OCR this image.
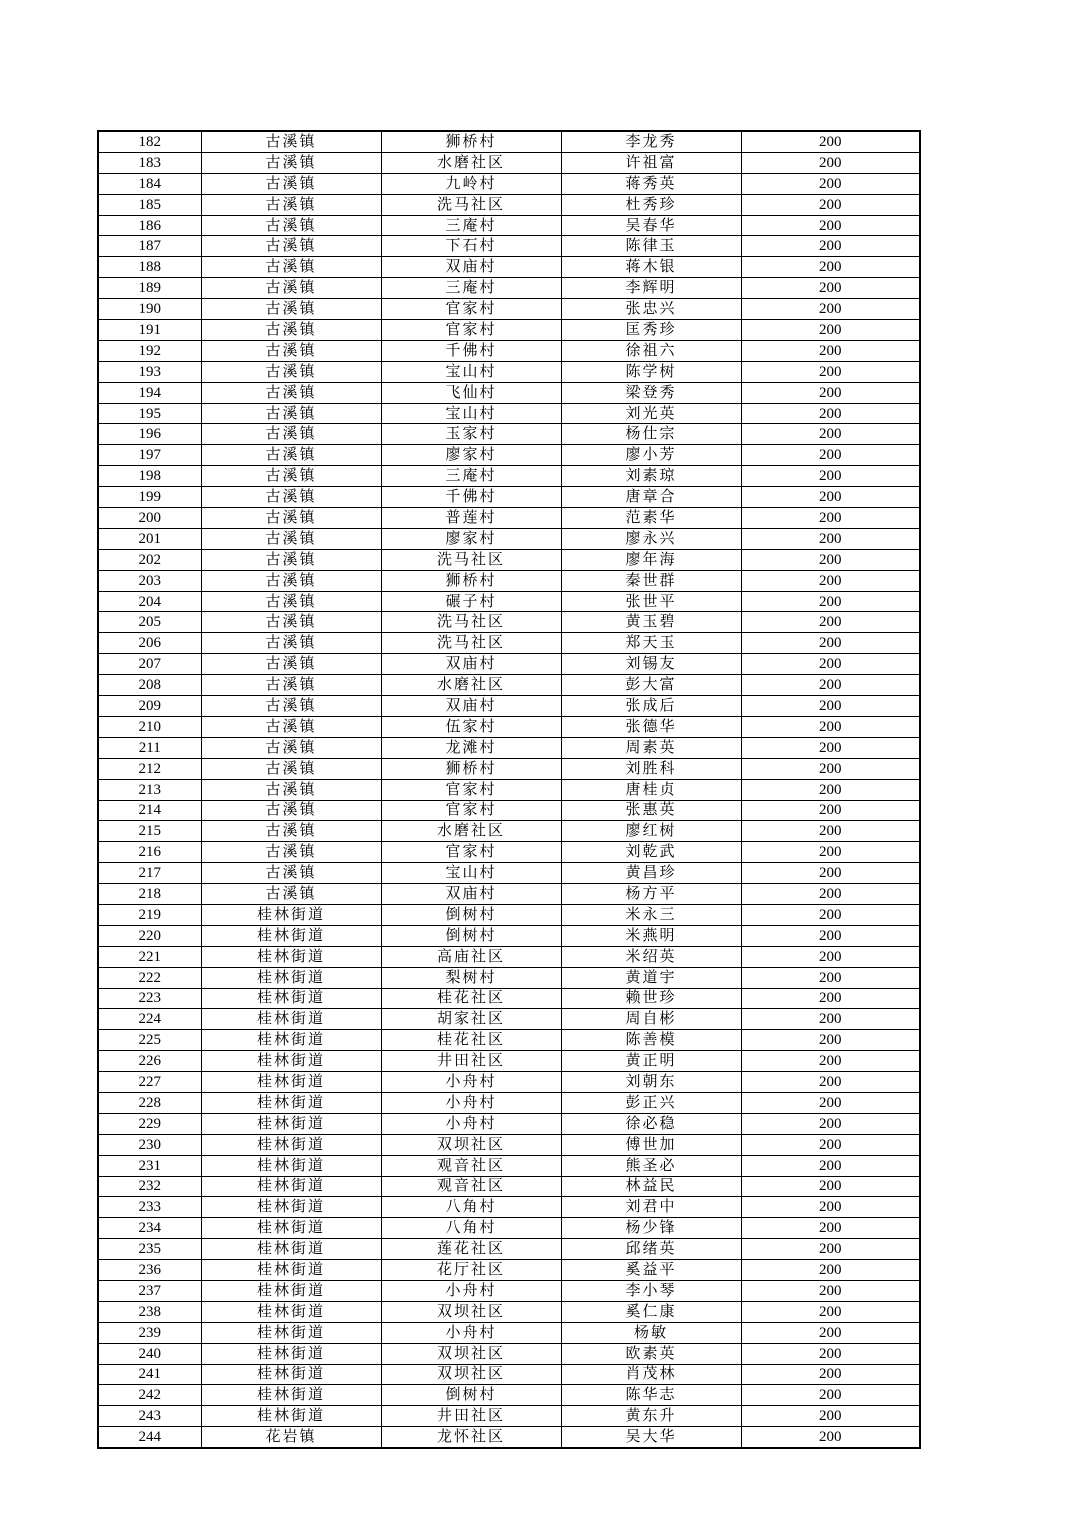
182	古溪镇	狮桥村	李龙秀	200
183	古溪镇	水磨社区	许祖富	200
184	古溪镇	九岭村	蒋秀英	200
185	古溪镇	洗马社区	杜秀珍	200
186	古溪镇	三庵村	吴春华	200
187	古溪镇	下石村	陈律玉	200
188	古溪镇	双庙村	蒋木银	200
189	古溪镇	三庵村	李辉明	200
190	古溪镇	官家村	张忠兴	200
191	古溪镇	官家村	匡秀珍	200
192	古溪镇	千佛村	徐祖六	200
193	古溪镇	宝山村	陈学树	200
194	古溪镇	飞仙村	梁登秀	200
195	古溪镇	宝山村	刘光英	200
196	古溪镇	玉家村	杨仕宗	200
197	古溪镇	廖家村	廖小芳	200
198	古溪镇	三庵村	刘素琼	200
199	古溪镇	千佛村	唐章合	200
200	古溪镇	普莲村	范素华	200
201	古溪镇	廖家村	廖永兴	200
202	古溪镇	洗马社区	廖年海	200
203	古溪镇	狮桥村	秦世群	200
204	古溪镇	碾子村	张世平	200
205	古溪镇	洗马社区	黄玉碧	200
206	古溪镇	洗马社区	郑天玉	200
207	古溪镇	双庙村	刘锡友	200
208	古溪镇	水磨社区	彭大富	200
209	古溪镇	双庙村	张成后	200
210	古溪镇	伍家村	张德华	200
211	古溪镇	龙滩村	周素英	200
212	古溪镇	狮桥村	刘胜科	200
213	古溪镇	官家村	唐桂贞	200
214	古溪镇	官家村	张惠英	200
215	古溪镇	水磨社区	廖红树	200
216	古溪镇	官家村	刘乾武	200
217	古溪镇	宝山村	黄昌珍	200
218	古溪镇	双庙村	杨方平	200
219	桂林街道	倒树村	米永三	200
220	桂林街道	倒树村	米燕明	200
221	桂林街道	高庙社区	米绍英	200
222	桂林街道	梨树村	黄道宇	200
223	桂林街道	桂花社区	赖世珍	200
224	桂林街道	胡家社区	周自彬	200
225	桂林街道	桂花社区	陈善模	200
226	桂林街道	井田社区	黄正明	200
227	桂林街道	小舟村	刘朝东	200
228	桂林街道	小舟村	彭正兴	200
229	桂林街道	小舟村	徐必稳	200
230	桂林街道	双坝社区	傅世加	200
231	桂林街道	观音社区	熊圣必	200
232	桂林街道	观音社区	林益民	200
233	桂林街道	八角村	刘君中	200
234	桂林街道	八角村	杨少锋	200
235	桂林街道	莲花社区	邱绪英	200
236	桂林街道	花厅社区	奚益平	200
237	桂林街道	小舟村	李小琴	200
238	桂林街道	双坝社区	奚仁康	200
239	桂林街道	小舟村	杨敏	200
240	桂林街道	双坝社区	欧素英	200
241	桂林街道	双坝社区	肖茂林	200
242	桂林街道	倒树村	陈华志	200
243	桂林街道	井田社区	黄东升	200
244	花岩镇	龙怀社区	吴大华	200
